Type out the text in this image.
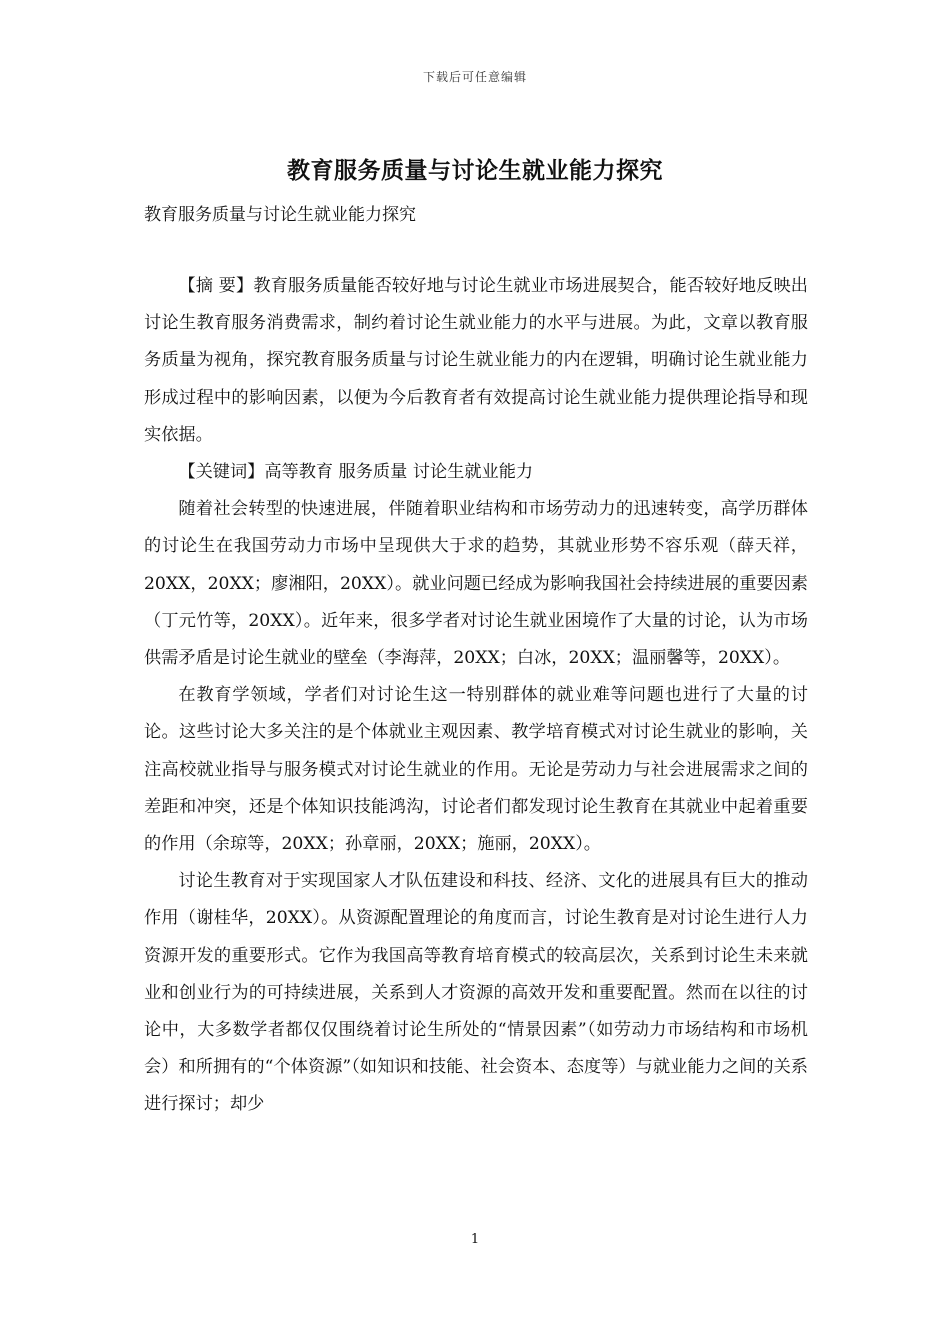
下载后可任意编辑
教育服务质量与讨论生就业能力探究
教育服务质量与讨论生就业能力探究

【摘 要】教育服务质量能否较好地与讨论生就业市场进展契合，能否较好地反映出讨论生教育服务消费需求，制约着讨论生就业能力的水平与进展。为此，文章以教育服务质量为视角，探究教育服务质量与讨论生就业能力的内在逻辑，明确讨论生就业能力形成过程中的影响因素，以便为今后教育者有效提高讨论生就业能力提供理论指导和现实依据。

【关键词】高等教育 服务质量 讨论生就业能力

随着社会转型的快速进展，伴随着职业结构和市场劳动力的迅速转变，高学历群体的讨论生在我国劳动力市场中呈现供大于求的趋势，其就业形势不容乐观（薛天祥，20XX，20XX；廖湘阳，20XX）。就业问题已经成为影响我国社会持续进展的重要因素（丁元竹等，20XX）。近年来，很多学者对讨论生就业困境作了大量的讨论，认为市场供需矛盾是讨论生就业的壁垒（李海萍，20XX；白冰，20XX；温丽馨等，20XX）。

在教育学领域，学者们对讨论生这一特别群体的就业难等问题也进行了大量的讨论。这些讨论大多关注的是个体就业主观因素、教学培育模式对讨论生就业的影响，关注高校就业指导与服务模式对讨论生就业的作用。无论是劳动力与社会进展需求之间的差距和冲突，还是个体知识技能鸿沟，讨论者们都发现讨论生教育在其就业中起着重要的作用（余琼等，20XX；孙章丽，20XX；施丽，20XX）。

讨论生教育对于实现国家人才队伍建设和科技、经济、文化的进展具有巨大的推动作用（谢桂华，20XX）。从资源配置理论的角度而言，讨论生教育是对讨论生进行人力资源开发的重要形式。它作为我国高等教育培育模式的较高层次，关系到讨论生未来就业和创业行为的可持续进展，关系到人才资源的高效开发和重要配置。然而在以往的讨论中，大多数学者都仅仅围绕着讨论生所处的“情景因素”（如劳动力市场结构和市场机会）和所拥有的“个体资源”（如知识和技能、社会资本、态度等）与就业能力之间的关系进行探讨；却少

1
